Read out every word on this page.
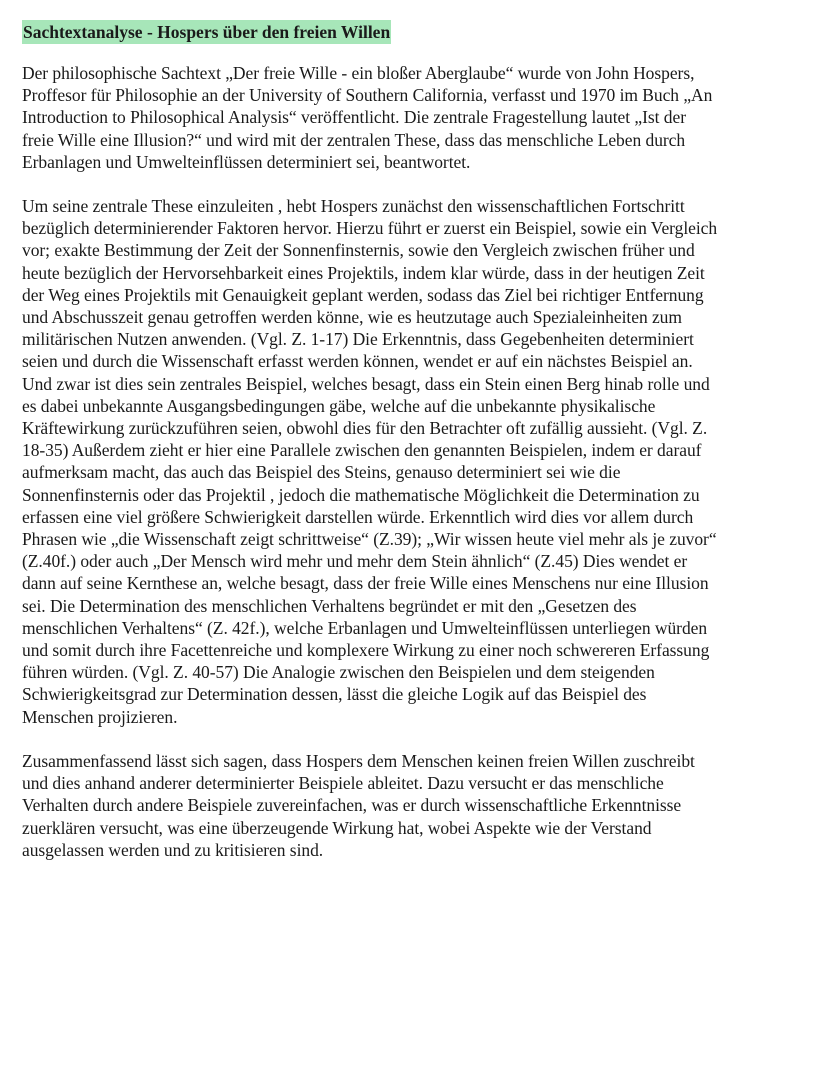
Sachtextanalyse - Hospers über den freien Willen

Der philosophische Sachtext „Der freie Wille - ein bloßer Aberglaube“ wurde von John Hospers,
Proffesor für Philosophie an der University of Southern California, verfasst und 1970 im Buch „An
Introduction to Philosophical Analysis“ veröffentlicht. Die zentrale Fragestellung lautet „Ist der
freie Wille eine Illusion?“ und wird mit der zentralen These, dass das menschliche Leben durch
Erbanlagen und Umwelteinflüssen determiniert sei, beantwortet.

Um seine zentrale These einzuleiten , hebt Hospers zunächst den wissenschaftlichen Fortschritt
bezüglich determinierender Faktoren hervor. Hierzu führt er zuerst ein Beispiel, sowie ein Vergleich
vor; exakte Bestimmung der Zeit der Sonnenfinsternis, sowie den Vergleich zwischen früher und
heute bezüglich der Hervorsehbarkeit eines Projektils, indem klar würde, dass in der heutigen Zeit
der Weg eines Projektils mit Genauigkeit geplant werden, sodass das Ziel bei richtiger Entfernung
und Abschusszeit genau getroffen werden könne, wie es heutzutage auch Spezialeinheiten zum
militärischen Nutzen anwenden. (Vgl. Z. 1-17) Die Erkenntnis, dass Gegebenheiten determiniert
seien und durch die Wissenschaft erfasst werden können, wendet er auf ein nächstes Beispiel an.
Und zwar ist dies sein zentrales Beispiel, welches besagt, dass ein Stein einen Berg hinab rolle und
es dabei unbekannte Ausgangsbedingungen gäbe, welche auf die unbekannte physikalische
Kräftewirkung zurückzuführen seien, obwohl dies für den Betrachter oft zufällig aussieht. (Vgl. Z.
18-35) Außerdem zieht er hier eine Parallele zwischen den genannten Beispielen, indem er darauf
aufmerksam macht, das auch das Beispiel des Steins, genauso determiniert sei wie die
Sonnenfinsternis oder das Projektil , jedoch die mathematische Möglichkeit die Determination zu
erfassen eine viel größere Schwierigkeit darstellen würde. Erkenntlich wird dies vor allem durch
Phrasen wie „die Wissenschaft zeigt schrittweise“ (Z.39); „Wir wissen heute viel mehr als je zuvor“
(Z.40f.) oder auch „Der Mensch wird mehr und mehr dem Stein ähnlich“ (Z.45) Dies wendet er
dann auf seine Kernthese an, welche besagt, dass der freie Wille eines Menschens nur eine Illusion
sei. Die Determination des menschlichen Verhaltens begründet er mit den „Gesetzen des
menschlichen Verhaltens“ (Z. 42f.), welche Erbanlagen und Umwelteinflüssen unterliegen würden
und somit durch ihre Facettenreiche und komplexere Wirkung zu einer noch schwereren Erfassung
führen würden. (Vgl. Z. 40-57) Die Analogie zwischen den Beispielen und dem steigenden
Schwierigkeitsgrad zur Determination dessen, lässt die gleiche Logik auf das Beispiel des
Menschen projizieren.

Zusammenfassend lässt sich sagen, dass Hospers dem Menschen keinen freien Willen zuschreibt
und dies anhand anderer determinierter Beispiele ableitet. Dazu versucht er das menschliche
Verhalten durch andere Beispiele zuvereinfachen, was er durch wissenschaftliche Erkenntnisse
zuerklären versucht, was eine überzeugende Wirkung hat, wobei Aspekte wie der Verstand
ausgelassen werden und zu kritisieren sind.
